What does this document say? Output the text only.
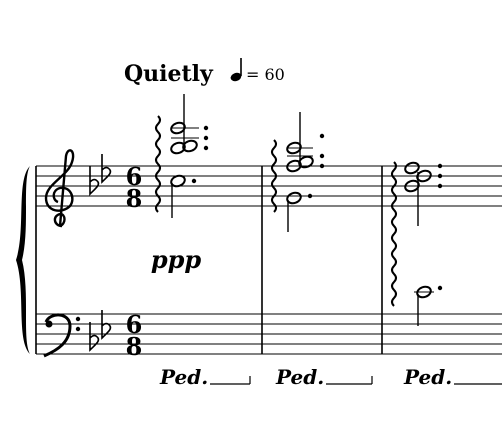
Quietly = 60
6
8
6
8
ppp
Ped.	Ped.	Ped.
